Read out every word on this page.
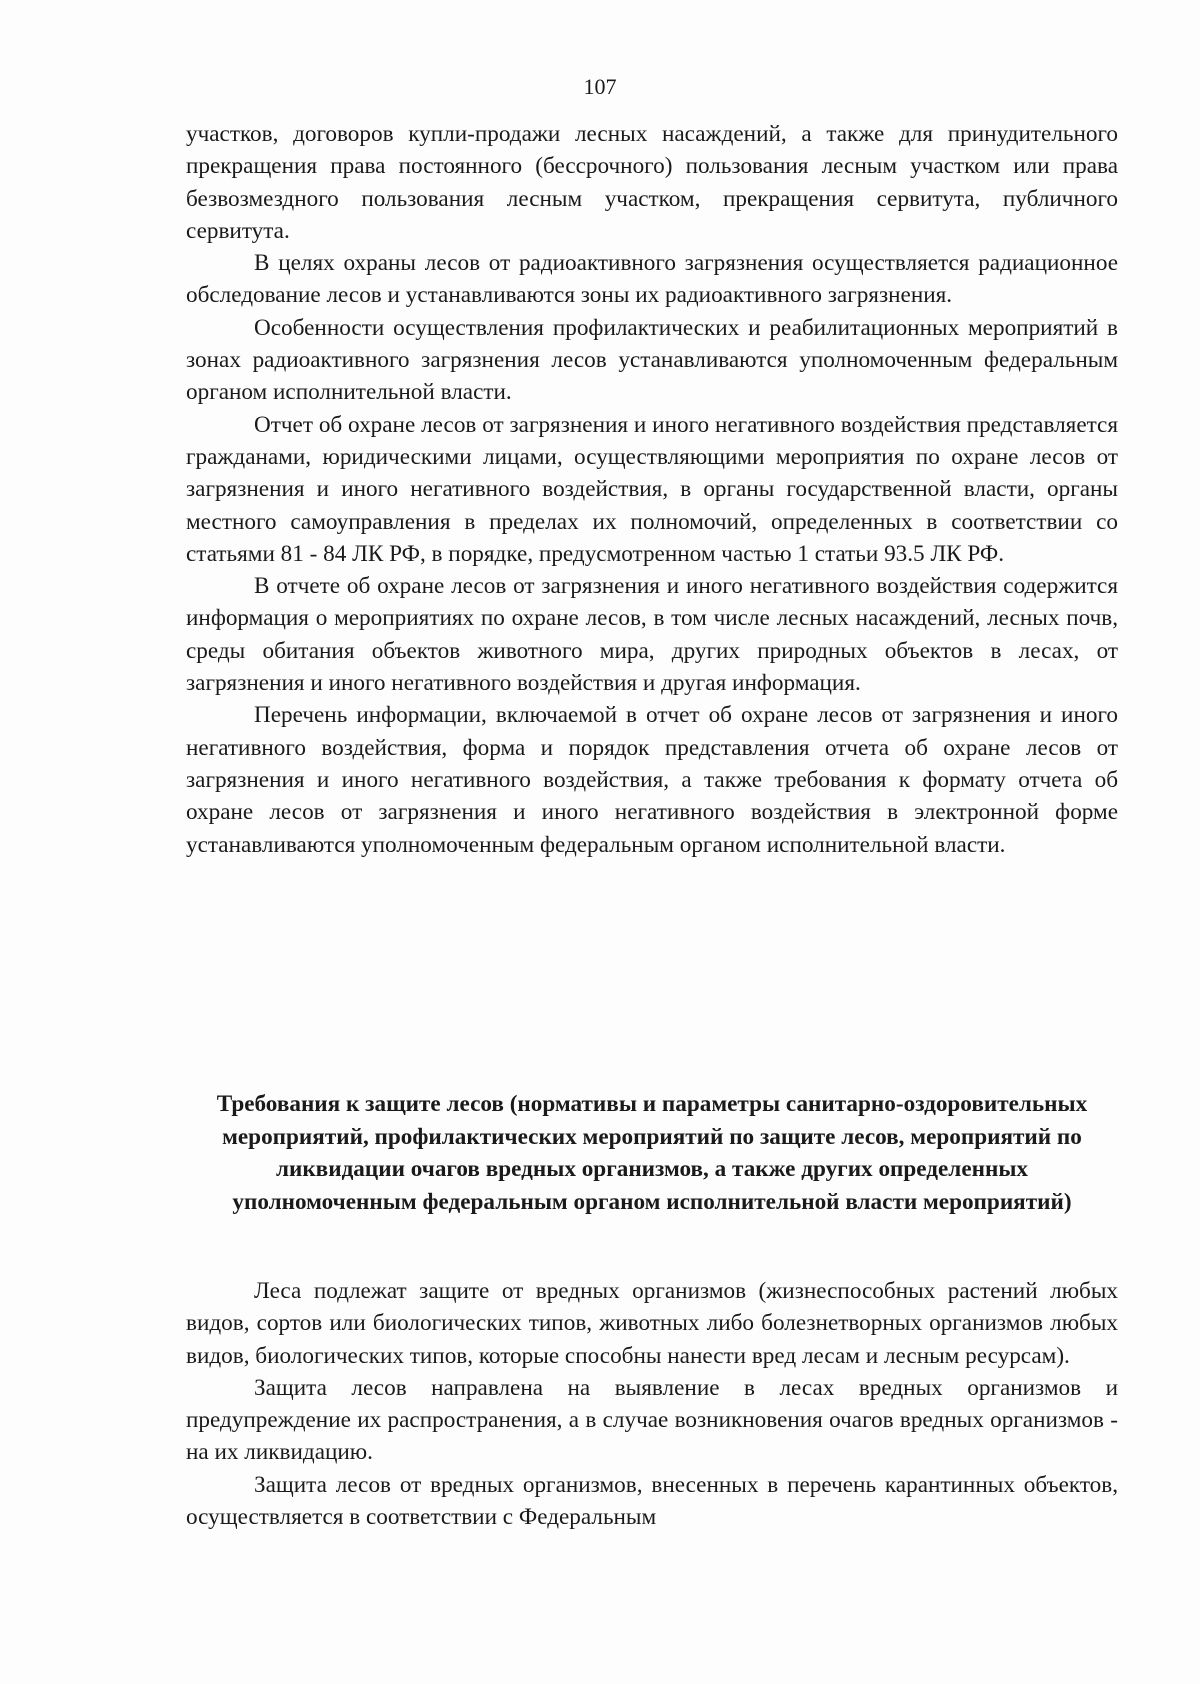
107

участков, договоров купли-продажи лесных насаждений, а также для принудительного прекращения права постоянного (бессрочного) пользования лесным участком или права безвозмездного пользования лесным участком, прекращения сервитута, публичного сервитута.

В целях охраны лесов от радиоактивного загрязнения осуществляется радиационное обследование лесов и устанавливаются зоны их радиоактивного загрязнения.

Особенности осуществления профилактических и реабилитационных мероприятий в зонах радиоактивного загрязнения лесов устанавливаются уполномоченным федеральным органом исполнительной власти.

Отчет об охране лесов от загрязнения и иного негативного воздействия представляется гражданами, юридическими лицами, осуществляющими мероприятия по охране лесов от загрязнения и иного негативного воздействия, в органы государственной власти, органы местного самоуправления в пределах их полномочий, определенных в соответствии со статьями 81 - 84 ЛК РФ, в порядке, предусмотренном частью 1 статьи 93.5 ЛК РФ.

В отчете об охране лесов от загрязнения и иного негативного воздействия содержится информация о мероприятиях по охране лесов, в том числе лесных насаждений, лесных почв, среды обитания объектов животного мира, других природных объектов в лесах, от загрязнения и иного негативного воздействия и другая информация.

Перечень информации, включаемой в отчет об охране лесов от загрязнения и иного негативного воздействия, форма и порядок представления отчета об охране лесов от загрязнения и иного негативного воздействия, а также требования к формату отчета об охране лесов от загрязнения и иного негативного воздействия в электронной форме устанавливаются уполномоченным федеральным органом исполнительной власти.

Требования к защите лесов (нормативы и параметры санитарно-оздоровительных мероприятий, профилактических мероприятий по защите лесов, мероприятий по ликвидации очагов вредных организмов, а также других определенных уполномоченным федеральным органом исполнительной власти мероприятий)

Леса подлежат защите от вредных организмов (жизнеспособных растений любых видов, сортов или биологических типов, животных либо болезнетворных организмов любых видов, биологических типов, которые способны нанести вред лесам и лесным ресурсам).

Защита лесов направлена на выявление в лесах вредных организмов и предупреждение их распространения, а в случае возникновения очагов вредных организмов - на их ликвидацию.

Защита лесов от вредных организмов, внесенных в перечень карантинных объектов, осуществляется в соответствии с Федеральным
